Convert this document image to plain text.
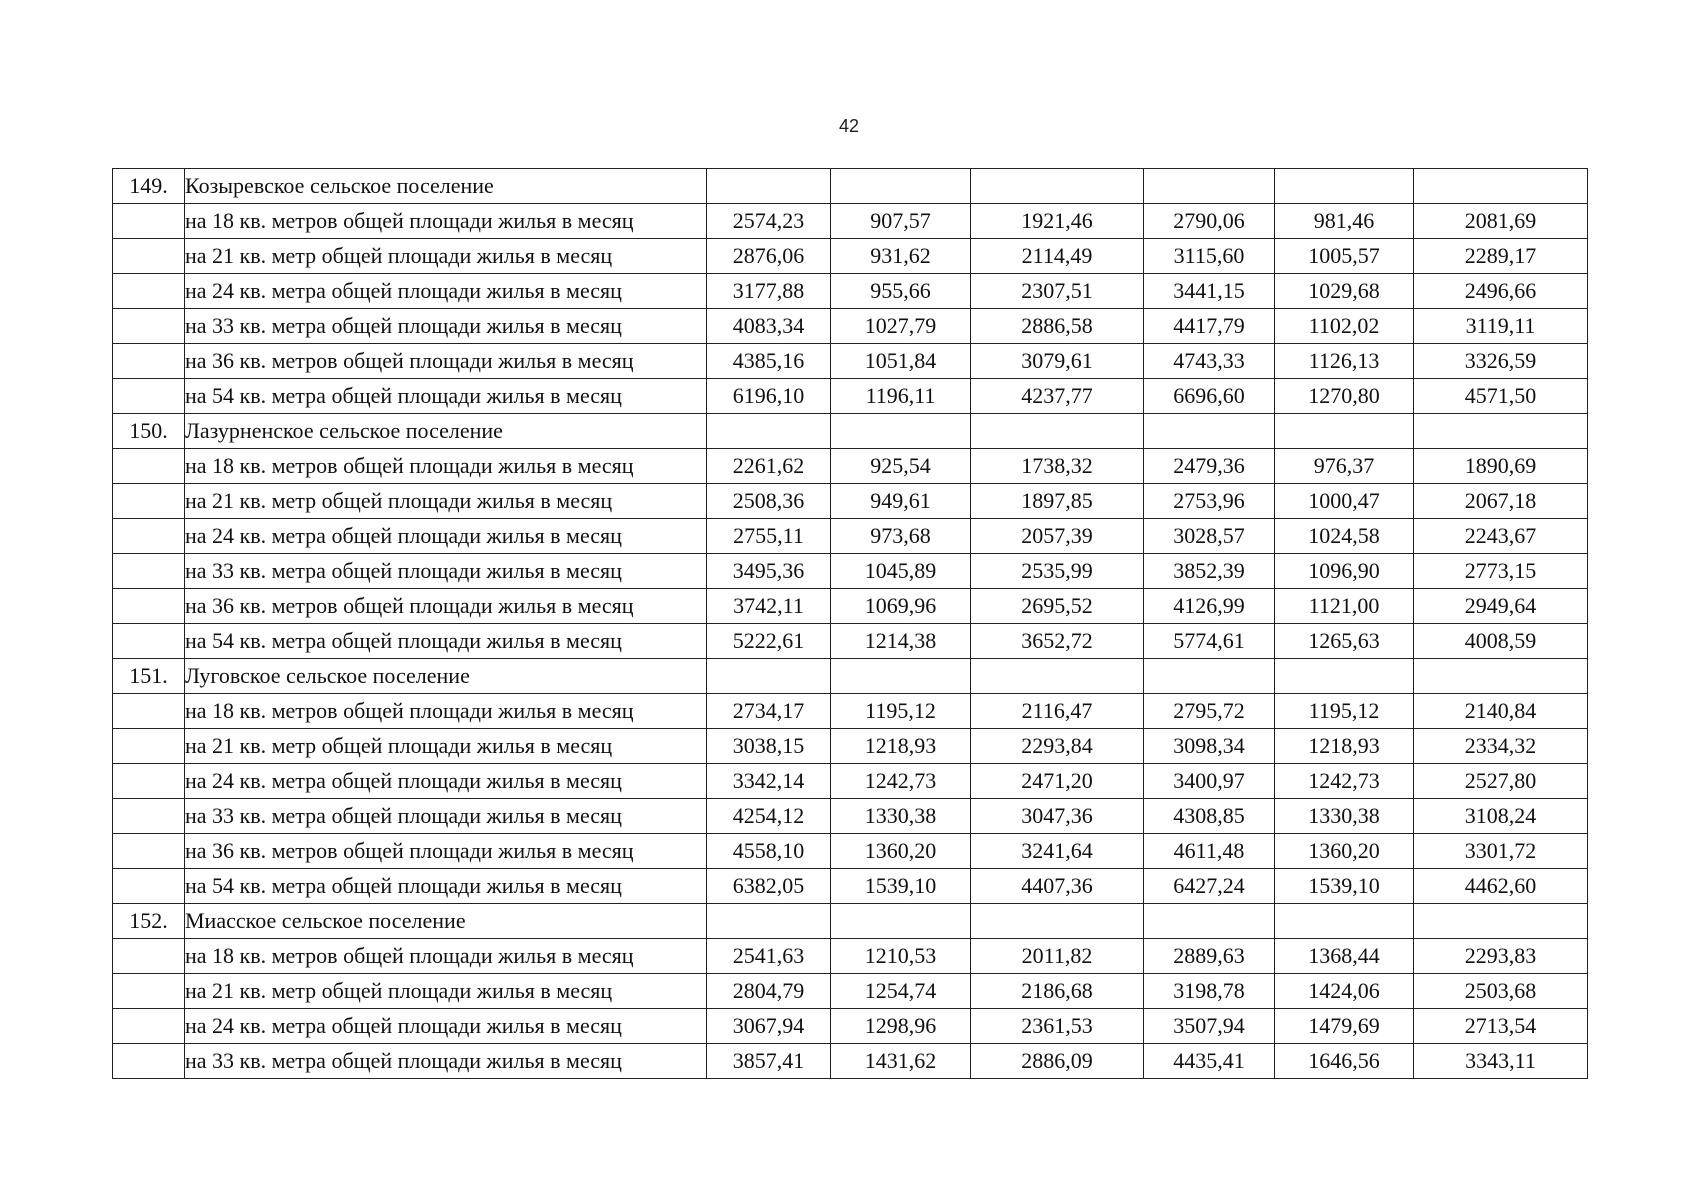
42
149.	Козыревское сельское поселение						
	на 18 кв. метров общей площади жилья в месяц	2574,23	907,57	1921,46	2790,06	981,46	2081,69
	на 21 кв. метр общей площади жилья в месяц	2876,06	931,62	2114,49	3115,60	1005,57	2289,17
	на 24 кв. метра общей площади жилья в месяц	3177,88	955,66	2307,51	3441,15	1029,68	2496,66
	на 33 кв. метра общей площади жилья в месяц	4083,34	1027,79	2886,58	4417,79	1102,02	3119,11
	на 36 кв. метров общей площади жилья в месяц	4385,16	1051,84	3079,61	4743,33	1126,13	3326,59
	на 54 кв. метра общей площади жилья в месяц	6196,10	1196,11	4237,77	6696,60	1270,80	4571,50
150.	Лазурненское сельское поселение						
	на 18 кв. метров общей площади жилья в месяц	2261,62	925,54	1738,32	2479,36	976,37	1890,69
	на 21 кв. метр общей площади жилья в месяц	2508,36	949,61	1897,85	2753,96	1000,47	2067,18
	на 24 кв. метра общей площади жилья в месяц	2755,11	973,68	2057,39	3028,57	1024,58	2243,67
	на 33 кв. метра общей площади жилья в месяц	3495,36	1045,89	2535,99	3852,39	1096,90	2773,15
	на 36 кв. метров общей площади жилья в месяц	3742,11	1069,96	2695,52	4126,99	1121,00	2949,64
	на 54 кв. метра общей площади жилья в месяц	5222,61	1214,38	3652,72	5774,61	1265,63	4008,59
151.	Луговское сельское поселение						
	на 18 кв. метров общей площади жилья в месяц	2734,17	1195,12	2116,47	2795,72	1195,12	2140,84
	на 21 кв. метр общей площади жилья в месяц	3038,15	1218,93	2293,84	3098,34	1218,93	2334,32
	на 24 кв. метра общей площади жилья в месяц	3342,14	1242,73	2471,20	3400,97	1242,73	2527,80
	на 33 кв. метра общей площади жилья в месяц	4254,12	1330,38	3047,36	4308,85	1330,38	3108,24
	на 36 кв. метров общей площади жилья в месяц	4558,10	1360,20	3241,64	4611,48	1360,20	3301,72
	на 54 кв. метра общей площади жилья в месяц	6382,05	1539,10	4407,36	6427,24	1539,10	4462,60
152.	Миасское сельское поселение						
	на 18 кв. метров общей площади жилья в месяц	2541,63	1210,53	2011,82	2889,63	1368,44	2293,83
	на 21 кв. метр общей площади жилья в месяц	2804,79	1254,74	2186,68	3198,78	1424,06	2503,68
	на 24 кв. метра общей площади жилья в месяц	3067,94	1298,96	2361,53	3507,94	1479,69	2713,54
	на 33 кв. метра общей площади жилья в месяц	3857,41	1431,62	2886,09	4435,41	1646,56	3343,11
